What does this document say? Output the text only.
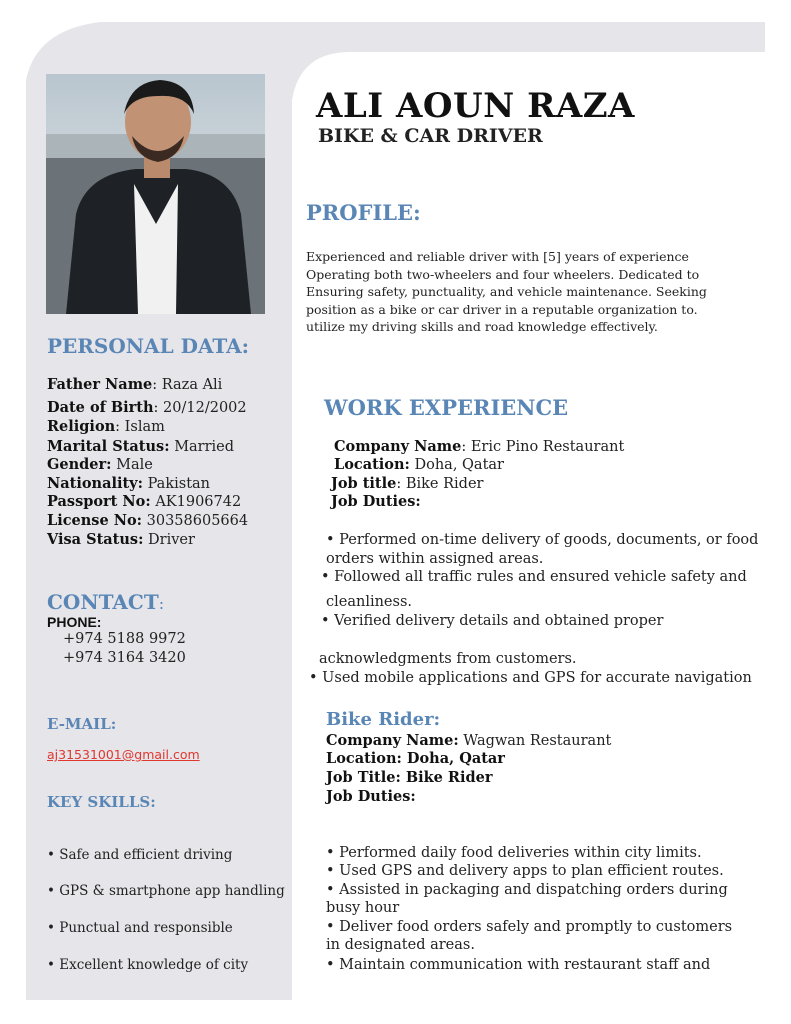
ALI AOUN RAZA
BIKE & CAR DRIVER
PROFILE:
Experienced and reliable driver with [5] years of experience
Operating both two-wheelers and four wheelers. Dedicated to
Ensuring safety, punctuality, and vehicle maintenance. Seeking
position as a bike or car driver in a reputable organization to.
utilize my driving skills and road knowledge effectively.
PERSONAL DATA:
Father Name: Raza Ali
Date of Birth: 20/12/2002
Religion: Islam
Marital Status: Married
Gender: Male
Nationality: Pakistan
Passport No: AK1906742
License No: 30358605664
Visa Status: Driver
CONTACT:
PHONE:
+974 5188 9972
+974 3164 3420
E-MAIL:
aj31531001@gmail.com
KEY SKILLS:
• Safe and efficient driving
• GPS & smartphone app handling
• Punctual and responsible
• Excellent knowledge of city
WORK EXPERIENCE
Company Name: Eric Pino Restaurant
Location: Doha, Qatar
Job title: Bike Rider
Job Duties:
• Performed on-time delivery of goods, documents, or food
orders within assigned areas.
• Followed all traffic rules and ensured vehicle safety and
cleanliness.
• Verified delivery details and obtained proper
acknowledgments from customers.
• Used mobile applications and GPS for accurate navigation
Bike Rider:
Company Name: Wagwan Restaurant
Location: Doha, Qatar
Job Title: Bike Rider
Job Duties:
• Performed daily food deliveries within city limits.
• Used GPS and delivery apps to plan efficient routes.
• Assisted in packaging and dispatching orders during
busy hour
• Deliver food orders safely and promptly to customers
in designated areas.
• Maintain communication with restaurant staff and
